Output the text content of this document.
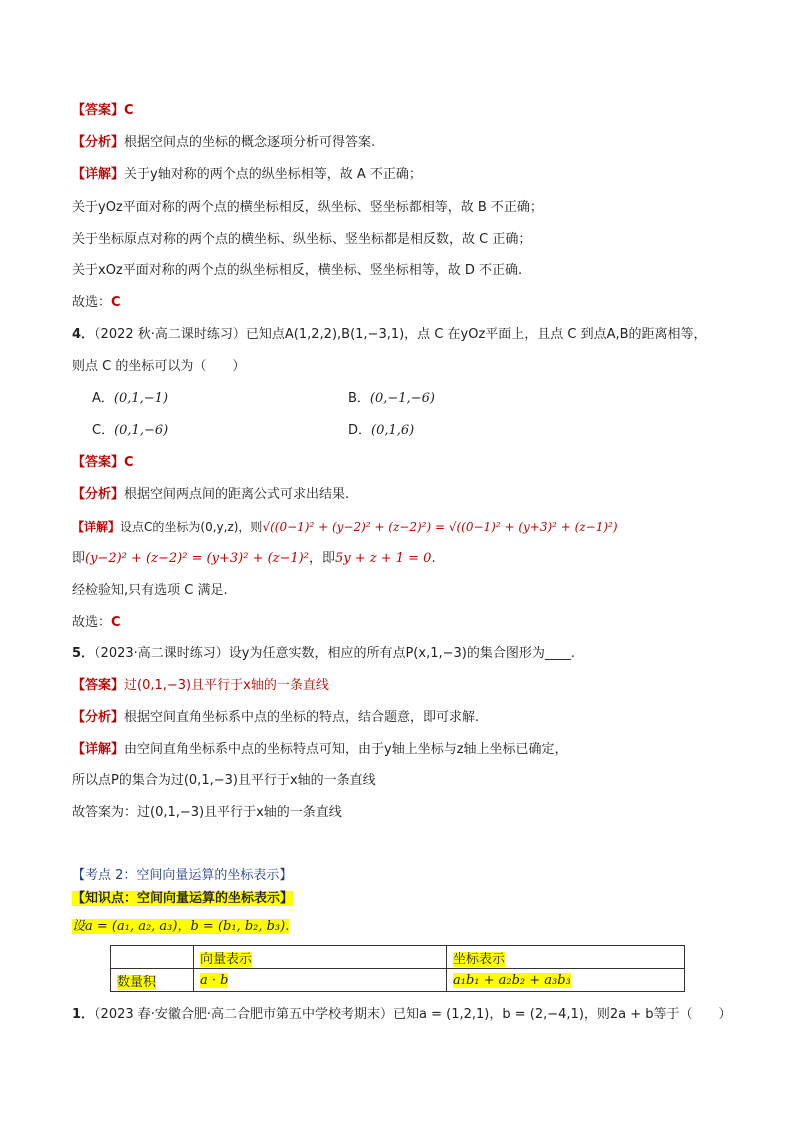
【答案】C
【分析】根据空间点的坐标的概念逐项分析可得答案.
【详解】关于y轴对称的两个点的纵坐标相等，故 A 不正确；
关于yOz平面对称的两个点的横坐标相反，纵坐标、竖坐标都相等，故 B 不正确；
关于坐标原点对称的两个点的横坐标、纵坐标、竖坐标都是相反数，故 C 正确；
关于xOz平面对称的两个点的纵坐标相反，横坐标、竖坐标相等，故 D 不正确.
故选：C
4．（2022 秋·高二课时练习）已知点A(1,2,2),B(1,−3,1)，点 C 在yOz平面上，且点 C 到点A,B的距离相等，
则点 C 的坐标可以为（　　）
A．(0,1,−1)	B．(0,−1,−6)
C．(0,1,−6)	D．(0,1,6)
【答案】C
【分析】根据空间两点间的距离公式可求出结果.
【详解】设点C的坐标为(0,y,z)，则√((0−1)² + (y−2)² + (z−2)²) = √((0−1)² + (y+3)² + (z−1)²)
即(y−2)² + (z−2)² = (y+3)² + (z−1)²，即5y + z + 1 = 0.
经检验知,只有选项 C 满足.
故选：C
5．（2023·高二课时练习）设y为任意实数，相应的所有点P(x,1,−3)的集合图形为____.
【答案】过(0,1,−3)且平行于x轴的一条直线
【分析】根据空间直角坐标系中点的坐标的特点，结合题意，即可求解.
【详解】由空间直角坐标系中点的坐标特点可知，由于y轴上坐标与z轴上坐标已确定，
所以点P的集合为过(0,1,−3)且平行于x轴的一条直线
故答案为：过(0,1,−3)且平行于x轴的一条直线
【考点 2：空间向量运算的坐标表示】
【知识点：空间向量运算的坐标表示】
设a = (a₁, a₂, a₃)，b = (b₁, b₂, b₃).
	向量表示	坐标表示
数量积	a · b	a₁b₁ + a₂b₂ + a₃b₃
1．（2023 春·安徽合肥·高二合肥市第五中学校考期末）已知a = (1,2,1)，b = (2,−4,1)，则2a + b等于（　　）
